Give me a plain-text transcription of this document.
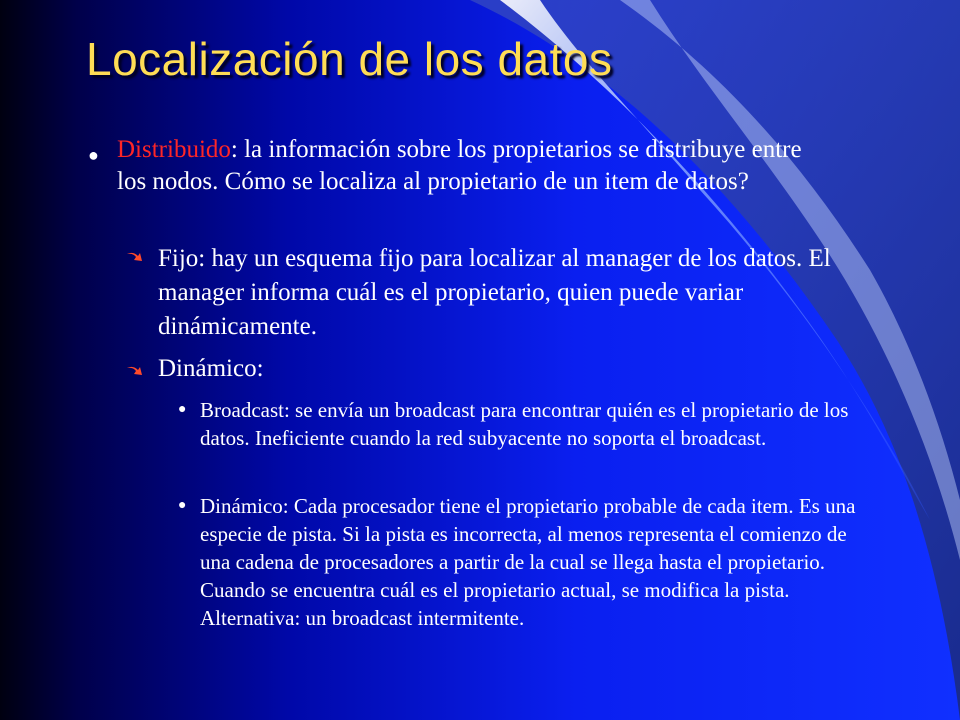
Localización de los datos
● Distribuido: la información sobre los propietarios se distribuye entre los nodos. Cómo se localiza al propietario de un item de datos?
Fijo: hay un esquema fijo para localizar al manager de los datos. El manager informa cuál es el propietario, quien puede variar dinámicamente.
Dinámico:
● Broadcast: se envía un broadcast para encontrar quién es el propietario de los datos. Ineficiente cuando la red subyacente no soporta el broadcast.
● Dinámico: Cada procesador tiene el propietario probable de cada item. Es una especie de pista. Si la pista es incorrecta, al menos representa el comienzo de una cadena de procesadores a partir de la cual se llega hasta el propietario. Cuando se encuentra cuál es el propietario actual, se modifica la pista. Alternativa: un broadcast intermitente.
